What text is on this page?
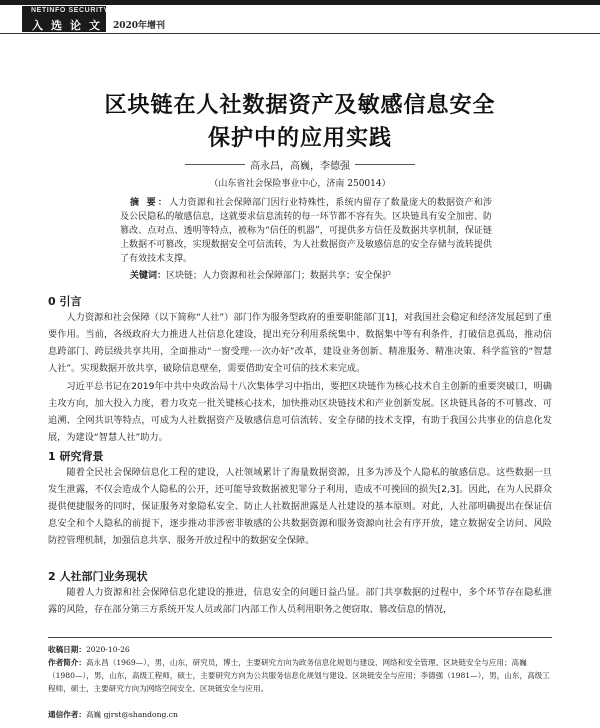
NETINFO SECURITY
入选论文 2020年增刊
区块链在人社数据资产及敏感信息安全
保护中的应用实践
高永昌，高巍，李德强
（山东省社会保险事业中心，济南 250014）
摘 要：人力资源和社会保障部门因行业特殊性，系统内留存了数量庞大的数据资产和涉及公民隐私的敏感信息，这就要求信息流转的每一环节都不容有失。区块链具有安全加密、防篡改、点对点、透明等特点，被称为“信任的机器”，可提供多方信任及数据共享机制，保证链上数据不可篡改，实现数据安全可信流转，为人社数据资产及敏感信息的安全存储与流转提供了有效技术支撑。
关键词：区块链；人力资源和社会保障部门；数据共享；安全保护
0 引言

人力资源和社会保障（以下简称“人社”）部门作为服务型政府的重要职能部门[1]，对我国社会稳定和经济发展起到了重要作用。当前，各级政府大力推进人社信息化建设，提出充分利用系统集中、数据集中等有利条件，打破信息孤岛，推动信息跨部门、跨层级共享共用，全面推动“一窗受理·一次办好”改革，建设业务创新、精准服务、精准决策、科学监管的“智慧人社”。实现数据开放共享，破除信息壁垒，需要借助安全可信的技术来完成。

习近平总书记在2019年中共中央政治局十八次集体学习中指出，要把区块链作为核心技术自主创新的重要突破口，明确主攻方向，加大投入力度，着力攻克一批关键核心技术，加快推动区块链技术和产业创新发展。区块链具备的不可篡改、可追溯、全网共识等特点，可成为人社数据资产及敏感信息可信流转、安全存储的技术支撑，有助于我国公共事业的信息化发展，为建设“智慧人社”助力。

1 研究背景

随着全民社会保障信息化工程的建设，人社领域累计了海量数据资源，且多为涉及个人隐私的敏感信息。这些数据一旦发生泄露，不仅会造成个人隐私的公开，还可能导致数据被犯罪分子利用，造成不可挽回的损失[2,3]。因此，在为人民群众提供便捷服务的同时，保证服务对象隐私安全、防止人社数据泄露是人社建设的基本原则。对此，人社部明确提出在保证信息安全和个人隐私的前提下，逐步推动非涉密非敏感的公共数据资源和服务资源向社会有序开放，建立数据安全访问、风险防控管理机制，加强信息共享、服务开放过程中的数据安全保障。

2 人社部门业务现状

随着人力资源和社会保障信息化建设的推进，信息安全的问题日益凸显。部门共享数据的过程中，多个环节存在隐私泄露的风险，存在部分第三方系统开发人员或部门内部工作人员利用职务之便窃取、篡改信息的情况，

收稿日期：2020-10-26
作者简介：高永昌（1969—），男，山东，研究员，博士，主要研究方向为政务信息化规划与建设、网络和安全管理、区块链安全与应用；高巍（1980—），男，山东，高级工程师，硕士，主要研究方向为公共服务信息化规划与建设、区块链安全与应用；李德强（1981—），男，山东，高级工程师，硕士，主要研究方向为网络空间安全、区块链安全与应用。
通信作者：高巍 gjrst@shandong.cn
